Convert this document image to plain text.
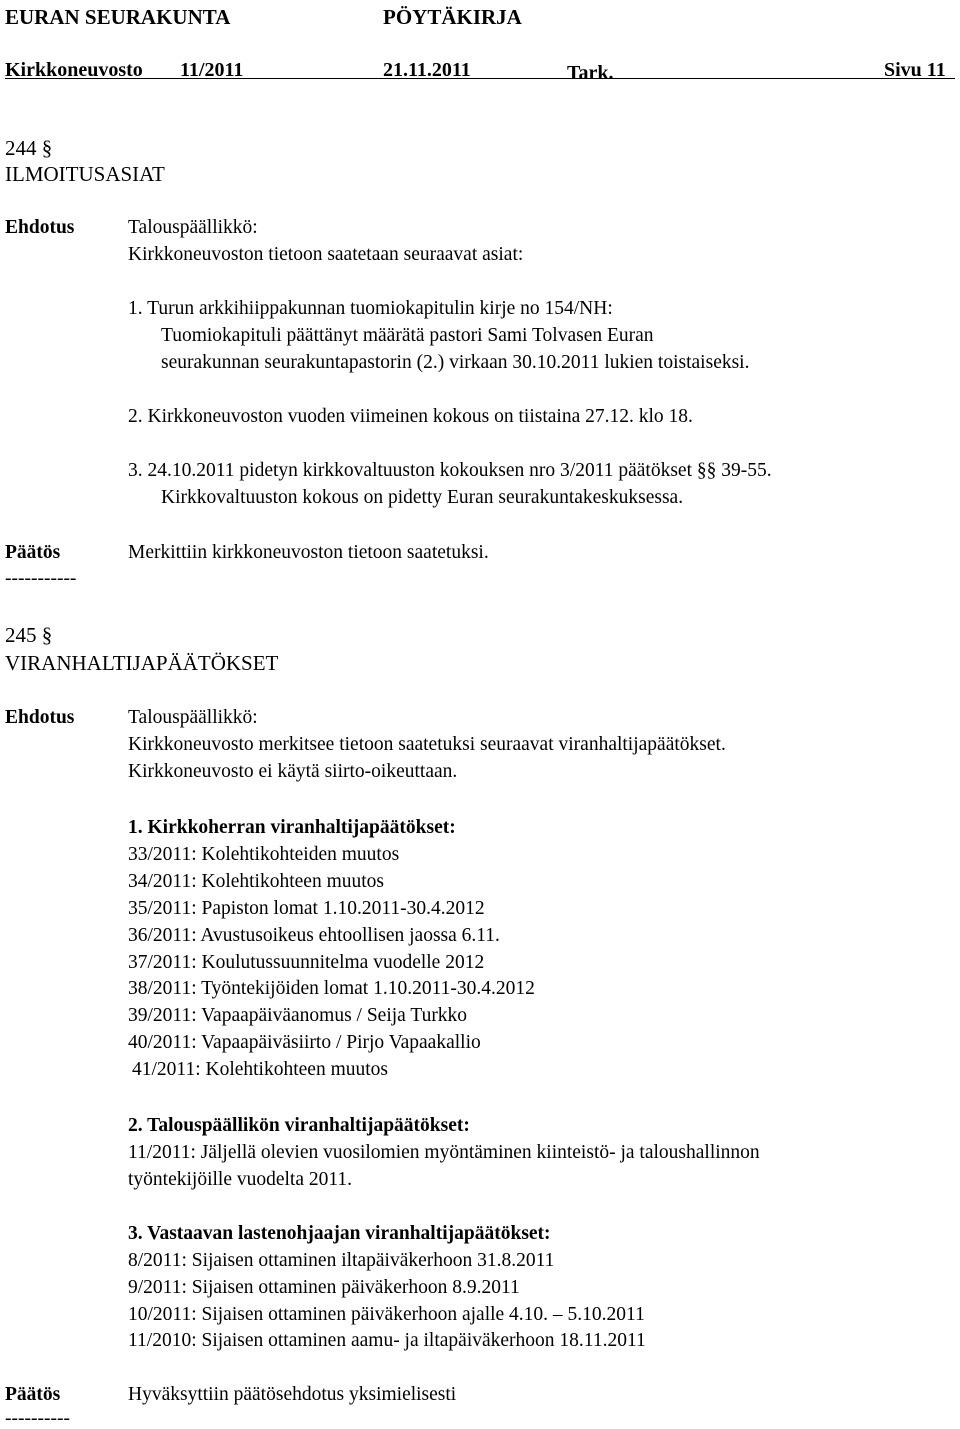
EURAN SEURAKUNTA	PÖYTÄKIRJA
Kirkkoneuvosto 11/2011	21.11.2011	Tark.	Sivu 11
244 §
ILMOITUSASIAT
Ehdotus	Talouspäällikkö:
Kirkkoneuvoston tietoon saatetaan seuraavat asiat:
1. Turun arkkihiippakunnan tuomiokapitulin kirje no 154/NH:
Tuomiokapituli päättänyt määrätä pastori Sami Tolvasen Euran
seurakunnan seurakuntapastorin (2.) virkaan 30.10.2011 lukien toistaiseksi.
2. Kirkkoneuvoston vuoden viimeinen kokous on tiistaina 27.12. klo 18.
3. 24.10.2011 pidetyn kirkkovaltuuston kokouksen nro 3/2011 päätökset §§ 39-55.
Kirkkovaltuuston kokous on pidetty Euran seurakuntakeskuksessa.
Päätös	Merkittiin kirkkoneuvoston tietoon saatetuksi.
-----------
245 §
VIRANHALTIJAPÄÄTÖKSET
Ehdotus	Talouspäällikkö:
Kirkkoneuvosto merkitsee tietoon saatetuksi seuraavat viranhaltijapäätökset.
Kirkkoneuvosto ei käytä siirto-oikeuttaan.
1. Kirkkoherran viranhaltijapäätökset:
33/2011: Kolehtikohteiden muutos
34/2011: Kolehtikohteen muutos
35/2011: Papiston lomat 1.10.2011-30.4.2012
36/2011: Avustusoikeus ehtoollisen jaossa 6.11.
37/2011: Koulutussuunnitelma vuodelle 2012
38/2011: Työntekijöiden lomat 1.10.2011-30.4.2012
39/2011: Vapaapäiväanomus / Seija Turkko
40/2011: Vapaapäiväsiirto / Pirjo Vapaakallio
41/2011: Kolehtikohteen muutos
2. Talouspäällikön viranhaltijapäätökset:
11/2011: Jäljellä olevien vuosilomien myöntäminen kiinteistö- ja taloushallinnon
työntekijöille vuodelta 2011.
3. Vastaavan lastenohjaajan viranhaltijapäätökset:
8/2011: Sijaisen ottaminen iltapäiväkerhoon 31.8.2011
9/2011: Sijaisen ottaminen päiväkerhoon 8.9.2011
10/2011: Sijaisen ottaminen päiväkerhoon ajalle 4.10. – 5.10.2011
11/2010: Sijaisen ottaminen aamu- ja iltapäiväkerhoon 18.11.2011
Päätös	Hyväksyttiin päätösehdotus yksimielisesti
----------
